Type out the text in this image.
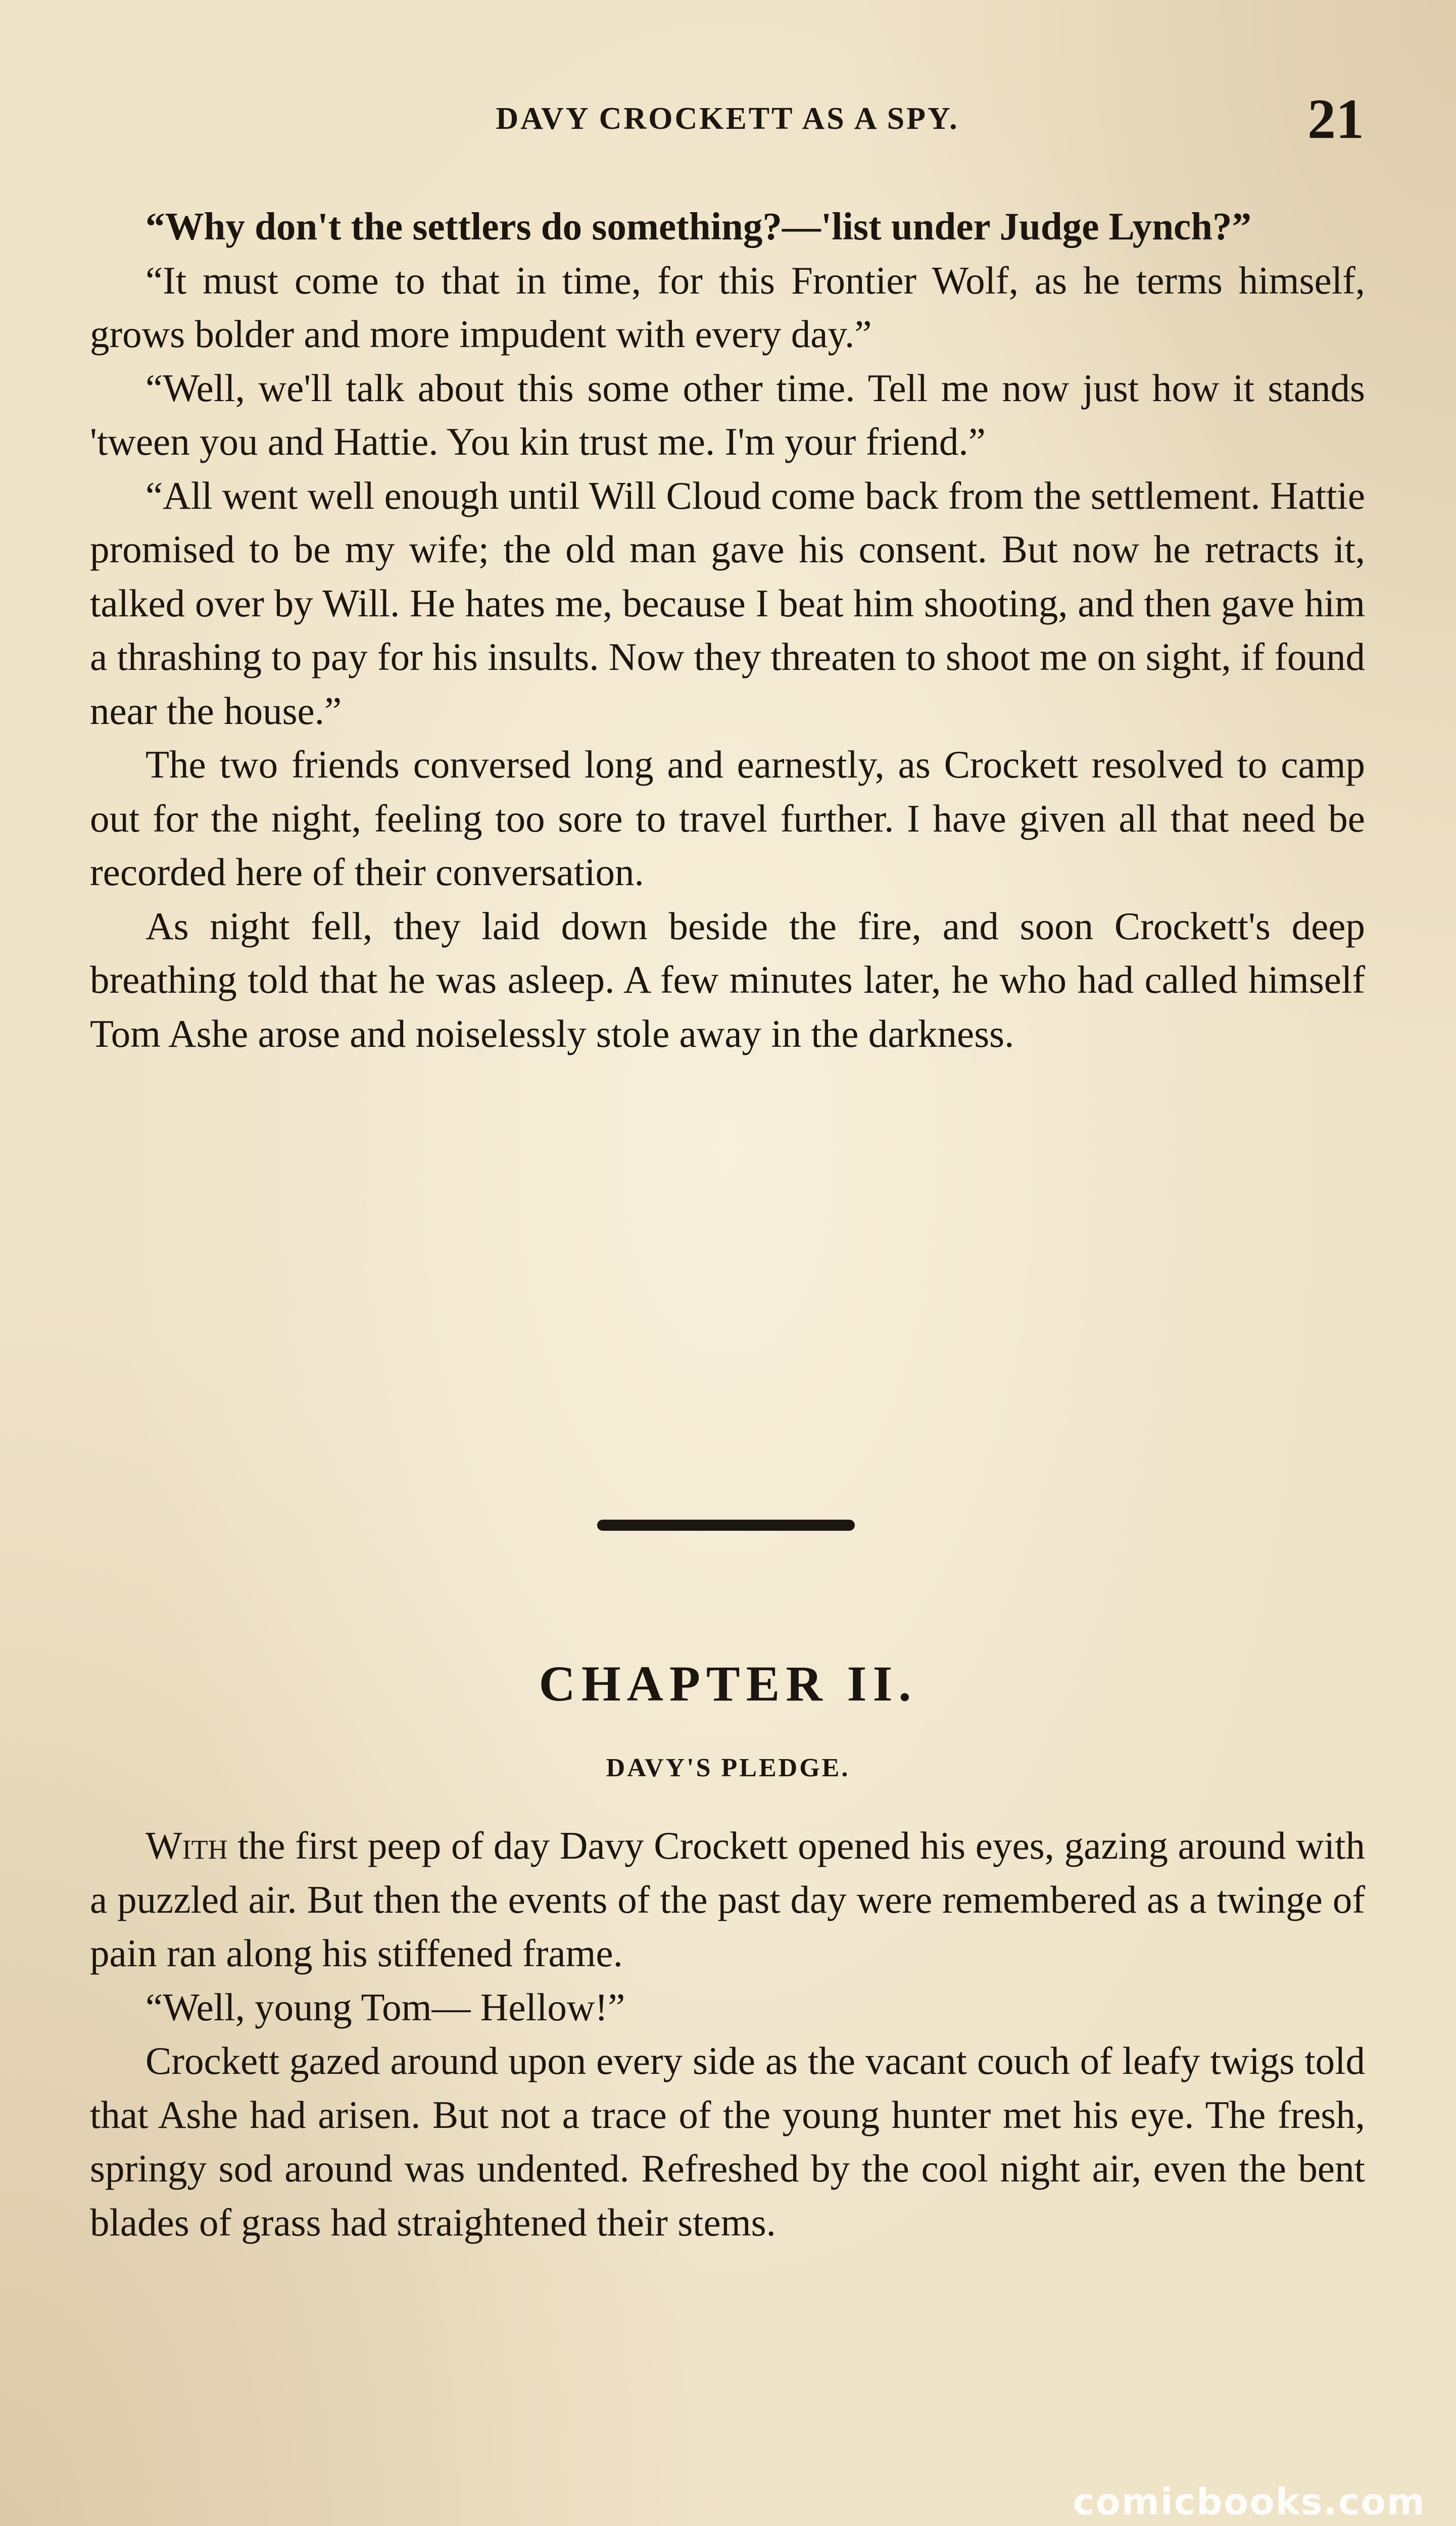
DAVY CROCKETT AS A SPY.	21

“Why don't the settlers do something?—'list under Judge Lynch?”

“It must come to that in time, for this Frontier Wolf, as he terms himself, grows bolder and more impudent with every day.”

“Well, we'll talk about this some other time. Tell me now just how it stands 'tween you and Hattie. You kin trust me. I'm your friend.”

“All went well enough until Will Cloud come back from the settlement. Hattie promised to be my wife; the old man gave his consent. But now he retracts it, talked over by Will. He hates me, because I beat him shooting, and then gave him a thrashing to pay for his insults. Now they threaten to shoot me on sight, if found near the house.”

The two friends conversed long and earnestly, as Crockett resolved to camp out for the night, feeling too sore to travel further. I have given all that need be recorded here of their conversation.

As night fell, they laid down beside the fire, and soon Crockett's deep breathing told that he was asleep. A few minutes later, he who had called himself Tom Ashe arose and noiselessly stole away in the darkness.

CHAPTER II.
DAVY'S PLEDGE.

With the first peep of day Davy Crockett opened his eyes, gazing around with a puzzled air. But then the events of the past day were remembered as a twinge of pain ran along his stiffened frame.

“Well, young Tom— Hellow!”

Crockett gazed around upon every side as the vacant couch of leafy twigs told that Ashe had arisen. But not a trace of the young hunter met his eye. The fresh, springy sod around was undented. Refreshed by the cool night air, even the bent blades of grass had straightened their stems.

comicbooks.com
